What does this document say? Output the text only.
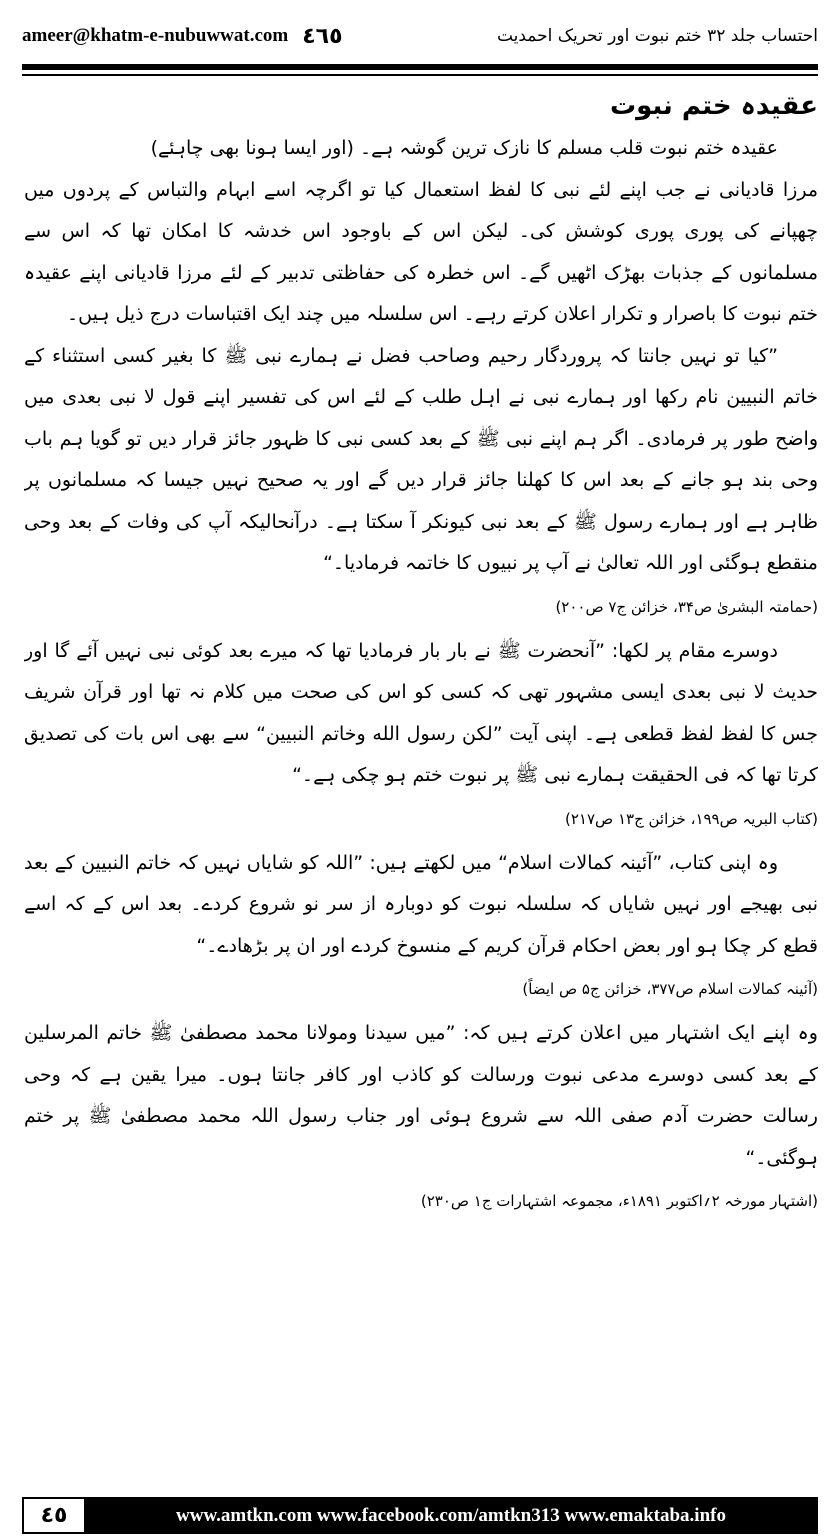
ameer@khatm-e-nubuwwat.com ٤٦٥	احتساب جلد ۳۲ ختم نبوت اور تحریک احمدیت

عقیدہ ختم نبوت

عقیدہ ختم نبوت قلب مسلم کا نازک ترین گوشہ ہے۔ (اور ایسا ہونا بھی چاہئے)

مرزا قادیانی نے جب اپنے لئے نبی کا لفظ استعمال کیا تو اگرچہ اسے ابہام والتباس کے پردوں میں چھپانے کی پوری پوری کوشش کی۔ لیکن اس کے باوجود اس خدشہ کا امکان تھا کہ اس سے مسلمانوں کے جذبات بھڑک اٹھیں گے۔ اس خطرہ کی حفاظتی تدبیر کے لئے مرزا قادیانی اپنے عقیدہ ختم نبوت کا باصرار و تکرار اعلان کرتے رہے۔ اس سلسلہ میں چند ایک اقتباسات درج ذیل ہیں۔

”کیا تو نہیں جانتا کہ پروردگار رحیم وصاحب فضل نے ہمارے نبی ﷺ کا بغیر کسی استثناء کے خاتم النبیین نام رکھا اور ہمارے نبی نے اہل طلب کے لئے اس کی تفسیر اپنے قول لا نبی بعدی میں واضح طور پر فرمادی۔ اگر ہم اپنے نبی ﷺ کے بعد کسی نبی کا ظہور جائز قرار دیں تو گویا ہم باب وحی بند ہو جانے کے بعد اس کا کھلنا جائز قرار دیں گے اور یہ صحیح نہیں جیسا کہ مسلمانوں پر ظاہر ہے اور ہمارے رسول ﷺ کے بعد نبی کیونکر آ سکتا ہے۔ درآنحالیکہ آپ کی وفات کے بعد وحی منقطع ہوگئی اور اللہ تعالیٰ نے آپ پر نبیوں کا خاتمہ فرمادیا۔“

(حمامتہ البشریٰ ص۳۴، خزائن ج۷ ص۲۰۰)

دوسرے مقام پر لکھا: ”آنحضرت ﷺ نے بار بار فرمادیا تھا کہ میرے بعد کوئی نبی نہیں آئے گا اور حدیث لا نبی بعدی ایسی مشہور تھی کہ کسی کو اس کی صحت میں کلام نہ تھا اور قرآن شریف جس کا لفظ لفظ قطعی ہے۔ اپنی آیت ”لکن رسول الله وخاتم النبیین“ سے بھی اس بات کی تصدیق کرتا تھا کہ فی الحقیقت ہمارے نبی ﷺ پر نبوت ختم ہو چکی ہے۔“

(کتاب البریہ ص۱۹۹، خزائن ج۱۳ ص۲۱۷)

وہ اپنی کتاب، ”آئینہ کمالات اسلام“ میں لکھتے ہیں: ”اللہ کو شایاں نہیں کہ خاتم النبیین کے بعد نبی بھیجے اور نہیں شایاں کہ سلسلہ نبوت کو دوبارہ از سر نو شروع کردے۔ بعد اس کے کہ اسے قطع کر چکا ہو اور بعض احکام قرآن کریم کے منسوخ کردے اور ان پر بڑھادے۔“

(آئینہ کمالات اسلام ص۳۷۷، خزائن ج۵ ص ایضاً)

وہ اپنے ایک اشتہار میں اعلان کرتے ہیں کہ: ”میں سیدنا ومولانا محمد مصطفیٰ ﷺ خاتم المرسلین کے بعد کسی دوسرے مدعی نبوت ورسالت کو کاذب اور کافر جانتا ہوں۔ میرا یقین ہے کہ وحی رسالت حضرت آدم صفی اللہ سے شروع ہوئی اور جناب رسول اللہ محمد مصطفیٰ ﷺ پر ختم ہوگئی۔“

(اشتہار مورخہ ۲؍اکتوبر ۱۸۹۱ء، مجموعہ اشتہارات ج۱ ص۲۳۰)

٤٥	www.amtkn.com www.facebook.com/amtkn313 www.emaktaba.info
